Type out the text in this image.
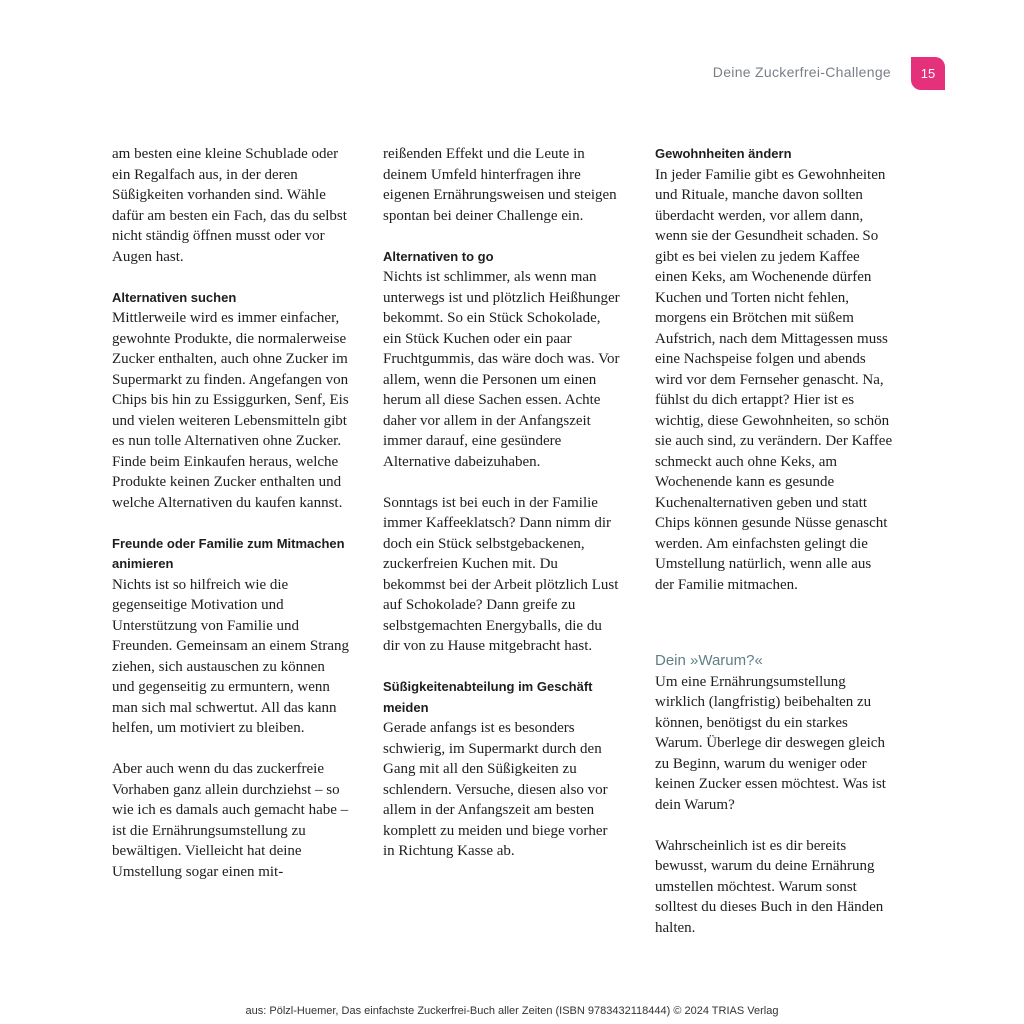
Deine Zuckerfrei-Challenge	15

am besten eine kleine Schublade oder ein Regalfach aus, in der deren Süßigkeiten vorhanden sind. Wähle dafür am besten ein Fach, das du selbst nicht ständig öffnen musst oder vor Augen hast.

Alternativen suchen

Mittlerweile wird es immer einfacher, gewohnte Produkte, die normalerweise Zucker enthalten, auch ohne Zucker im Supermarkt zu finden. Angefangen von Chips bis hin zu Essiggurken, Senf, Eis und vielen weiteren Lebensmitteln gibt es nun tolle Alternativen ohne Zucker. Finde beim Einkaufen heraus, welche Produkte keinen Zucker enthalten und welche Alternativen du kaufen kannst.

Freunde oder Familie zum Mitmachen animieren

Nichts ist so hilfreich wie die gegenseitige Motivation und Unterstützung von Familie und Freunden. Gemeinsam an einem Strang ziehen, sich austauschen zu können und gegenseitig zu ermuntern, wenn man sich mal schwertut. All das kann helfen, um motiviert zu bleiben.

Aber auch wenn du das zuckerfreie Vorhaben ganz allein durchziehst – so wie ich es damals auch gemacht habe – ist die Ernährungsumstellung zu bewältigen. Vielleicht hat deine Umstellung sogar einen mit-

reißenden Effekt und die Leute in deinem Umfeld hinterfragen ihre eigenen Ernährungsweisen und steigen spontan bei deiner Challenge ein.

Alternativen to go

Nichts ist schlimmer, als wenn man unterwegs ist und plötzlich Heißhunger bekommt. So ein Stück Schokolade, ein Stück Kuchen oder ein paar Fruchtgummis, das wäre doch was. Vor allem, wenn die Personen um einen herum all diese Sachen essen. Achte daher vor allem in der Anfangszeit immer darauf, eine gesündere Alternative dabeizuhaben.

Sonntags ist bei euch in der Familie immer Kaffeeklatsch? Dann nimm dir doch ein Stück selbstgebackenen, zuckerfreien Kuchen mit. Du bekommst bei der Arbeit plötzlich Lust auf Schokolade? Dann greife zu selbstgemachten Energyballs, die du dir von zu Hause mitgebracht hast.

Süßigkeitenabteilung im Geschäft meiden

Gerade anfangs ist es besonders schwierig, im Supermarkt durch den Gang mit all den Süßigkeiten zu schlendern. Versuche, diesen also vor allem in der Anfangszeit am besten komplett zu meiden und biege vorher in Richtung Kasse ab.

Gewohnheiten ändern

In jeder Familie gibt es Gewohnheiten und Rituale, manche davon sollten überdacht werden, vor allem dann, wenn sie der Gesundheit schaden. So gibt es bei vielen zu jedem Kaffee einen Keks, am Wochenende dürfen Kuchen und Torten nicht fehlen, morgens ein Brötchen mit süßem Aufstrich, nach dem Mittagessen muss eine Nachspeise folgen und abends wird vor dem Fernseher genascht. Na, fühlst du dich ertappt? Hier ist es wichtig, diese Gewohnheiten, so schön sie auch sind, zu verändern. Der Kaffee schmeckt auch ohne Keks, am Wochenende kann es gesunde Kuchenalternativen geben und statt Chips können gesunde Nüsse genascht werden. Am einfachsten gelingt die Umstellung natürlich, wenn alle aus der Familie mitmachen.

Dein »Warum?«

Um eine Ernährungsumstellung wirklich (langfristig) beibehalten zu können, benötigst du ein starkes Warum. Überlege dir deswegen gleich zu Beginn, warum du weniger oder keinen Zucker essen möchtest. Was ist dein Warum?

Wahrscheinlich ist es dir bereits bewusst, warum du deine Ernährung umstellen möchtest. Warum sonst solltest du dieses Buch in den Händen halten.

aus: Pölzl-Huemer, Das einfachste Zuckerfrei-Buch aller Zeiten (ISBN 9783432118444) © 2024 TRIAS Verlag
